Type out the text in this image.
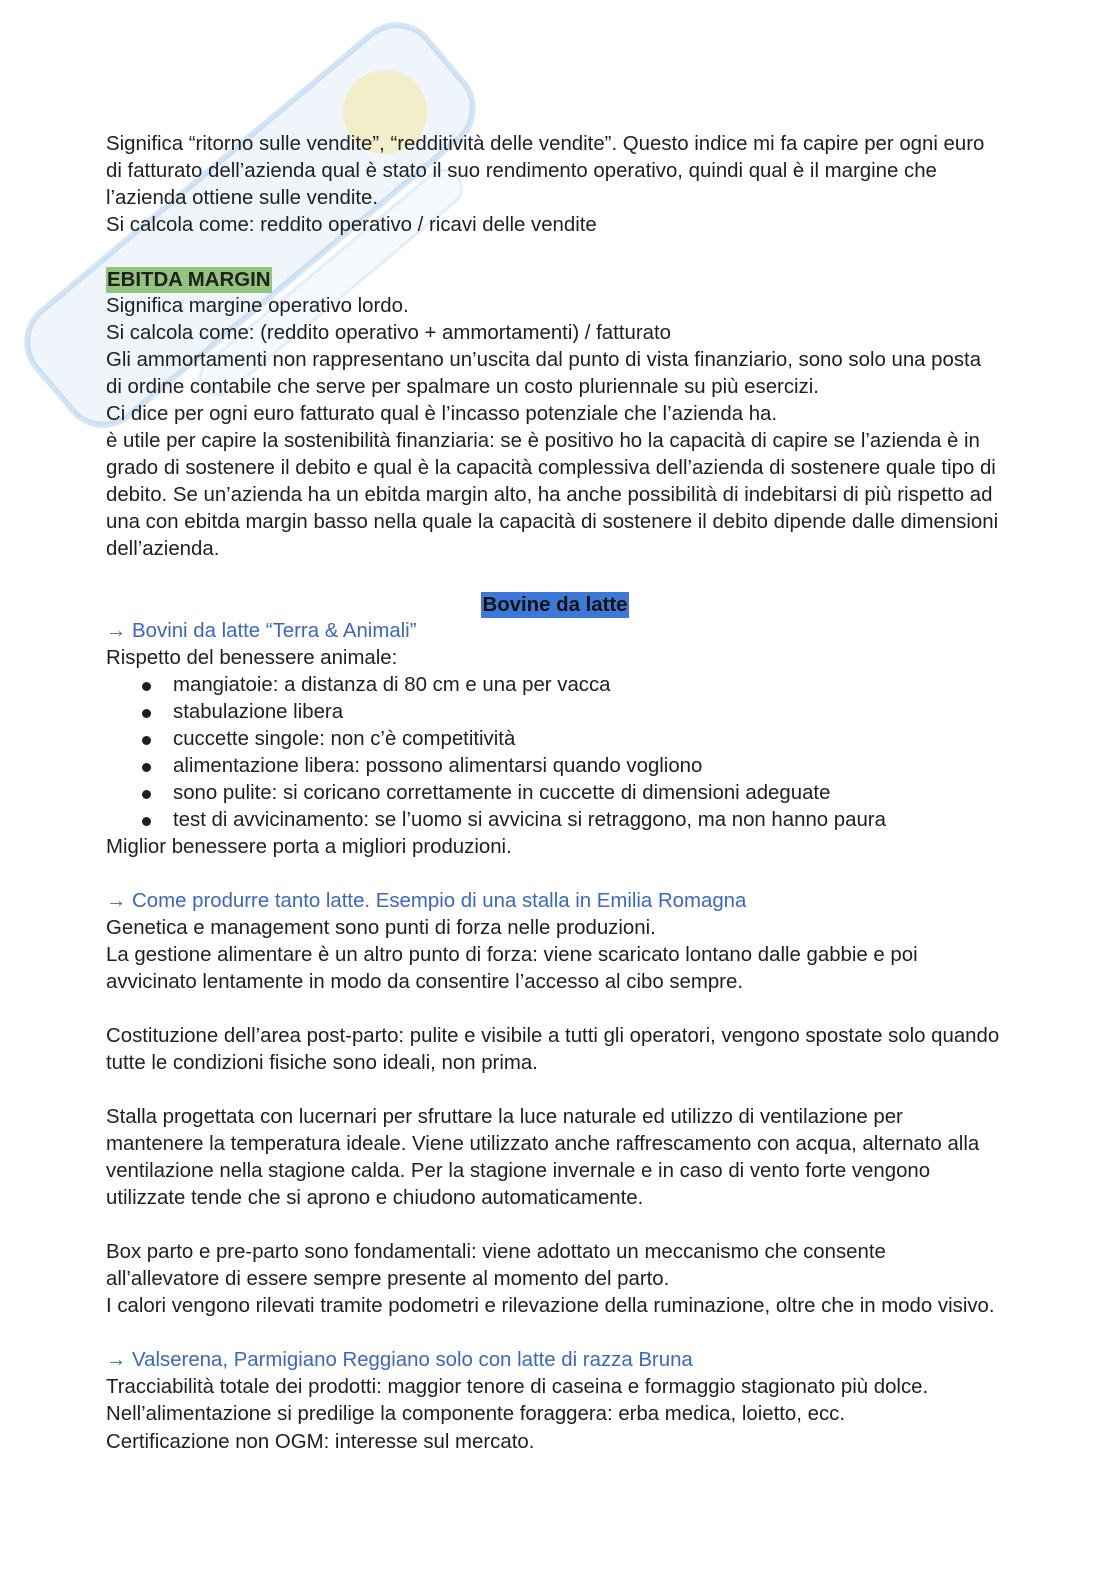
Significa “ritorno sulle vendite”, “redditività delle vendite”. Questo indice mi fa capire per ogni euro
di fatturato dell’azienda qual è stato il suo rendimento operativo, quindi qual è il margine che
l’azienda ottiene sulle vendite.
Si calcola come: reddito operativo / ricavi delle vendite
EBITDA MARGIN
Significa margine operativo lordo.
Si calcola come: (reddito operativo + ammortamenti) / fatturato
Gli ammortamenti non rappresentano un’uscita dal punto di vista finanziario, sono solo una posta
di ordine contabile che serve per spalmare un costo pluriennale su più esercizi.
Ci dice per ogni euro fatturato qual è l’incasso potenziale che l’azienda ha.
è utile per capire la sostenibilità finanziaria: se è positivo ho la capacità di capire se l’azienda è in
grado di sostenere il debito e qual è la capacità complessiva dell’azienda di sostenere quale tipo di
debito. Se un’azienda ha un ebitda margin alto, ha anche possibilità di indebitarsi di più rispetto ad
una con ebitda margin basso nella quale la capacità di sostenere il debito dipende dalle dimensioni
dell’azienda.
Bovine da latte
→ Bovini da latte “Terra & Animali”
Rispetto del benessere animale:
mangiatoie: a distanza di 80 cm e una per vacca
stabulazione libera
cuccette singole: non c’è competitività
alimentazione libera: possono alimentarsi quando vogliono
sono pulite: si coricano correttamente in cuccette di dimensioni adeguate
test di avvicinamento: se l’uomo si avvicina si retraggono, ma non hanno paura
Miglior benessere porta a migliori produzioni.
→ Come produrre tanto latte. Esempio di una stalla in Emilia Romagna
Genetica e management sono punti di forza nelle produzioni.
La gestione alimentare è un altro punto di forza: viene scaricato lontano dalle gabbie e poi
avvicinato lentamente in modo da consentire l’accesso al cibo sempre.
Costituzione dell’area post-parto: pulite e visibile a tutti gli operatori, vengono spostate solo quando
tutte le condizioni fisiche sono ideali, non prima.
Stalla progettata con lucernari per sfruttare la luce naturale ed utilizzo di ventilazione per
mantenere la temperatura ideale. Viene utilizzato anche raffrescamento con acqua, alternato alla
ventilazione nella stagione calda. Per la stagione invernale e in caso di vento forte vengono
utilizzate tende che si aprono e chiudono automaticamente.
Box parto e pre-parto sono fondamentali: viene adottato un meccanismo che consente
all’allevatore di essere sempre presente al momento del parto.
I calori vengono rilevati tramite podometri e rilevazione della ruminazione, oltre che in modo visivo.
→ Valserena, Parmigiano Reggiano solo con latte di razza Bruna
Tracciabilità totale dei prodotti: maggior tenore di caseina e formaggio stagionato più dolce.
Nell’alimentazione si predilige la componente foraggera: erba medica, loietto, ecc.
Certificazione non OGM: interesse sul mercato.
